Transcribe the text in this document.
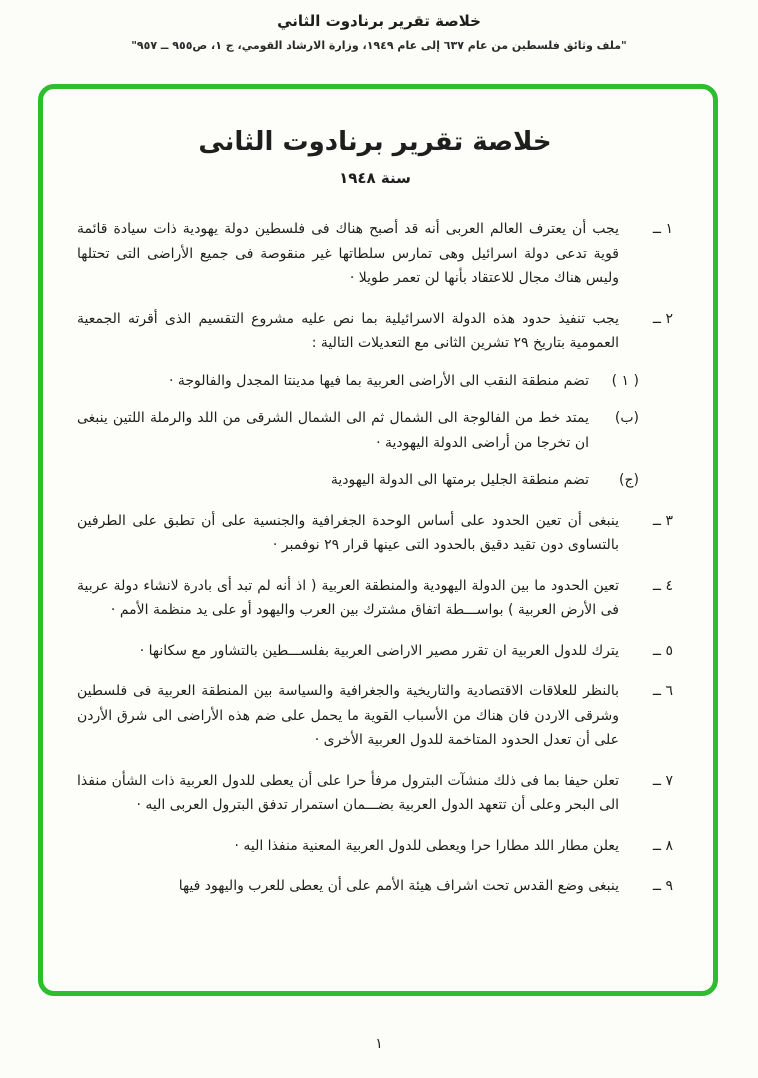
خلاصة تقرير برنادوت الثاني
"ملف وثائق فلسطين من عام ٦٣٧ إلى عام ١٩٤٩، وزارة الارشاد القومي، ج ١، ص٩٥٥ ــ ٩٥٧"
خلاصة تقرير برنادوت الثانى
سنة ١٩٤٨
١ ــ

يجب أن يعترف العالم العربى أنه قد أصبح هناك فى فلسطين دولة يهودية ذات سيادة قائمة قوية تدعى دولة اسرائيل وهى تمارس سلطاتها غير منقوصة فى جميع الأراضى التى تحتلها وليس هناك مجال للاعتقاد بأنها لن تعمر طويلا ·

٢ ــ

يجب تنفيذ حدود هذه الدولة الاسرائيلية بما نص عليه مشروع التقسيم الذى أقرته الجمعية العمومية بتاريخ ٢٩ تشرين الثانى مع التعديلات التالية :

( ١ )

تضم منطقة النقب الى الأراضى العربية بما فيها مدينتا المجدل والفالوجة ·

(ب)

يمتد خط من الفالوجة الى الشمال ثم الى الشمال الشرقى من اللد والرملة اللتين ينبغى ان تخرجا من أراضى الدولة اليهودية ·

(ج)

تضم منطقة الجليل برمتها الى الدولة اليهودية

٣ ــ

ينبغى أن تعين الحدود على أساس الوحدة الجغرافية والجنسية على أن تطبق على الطرفين بالتساوى دون تقيد دقيق بالحدود التى عينها قرار ٢٩ نوفمبر ·

٤ ــ

تعين الحدود ما بين الدولة اليهودية والمنطقة العربية ( اذ أنه لم تبد أى بادرة لانشاء دولة عربية فى الأرض العربية ) بواســـطة اتفاق مشترك بين العرب واليهود أو على يد منظمة الأمم ·

٥ ــ

يترك للدول العربية ان تقرر مصير الاراضى العربية بفلســـطين بالتشاور مع سكانها ·

٦ ــ

بالنظر للعلاقات الاقتصادية والتاريخية والجغرافية والسياسة بين المنطقة العربية فى فلسطين وشرقى الاردن فان هناك من الأسباب القوية ما يحمل على ضم هذه الأراضى الى شرق الأردن على أن تعدل الحدود المتاخمة للدول العربية الأخرى ·

٧ ــ

تعلن حيفا بما فى ذلك منشآت البترول مرفأ حرا على أن يعطى للدول العربية ذات الشأن منفذا الى البحر وعلى أن تتعهد الدول العربية بضـــمان استمرار تدفق البترول العربى اليه ·

٨ ــ

يعلن مطار اللد مطارا حرا ويعطى للدول العربية المعنية منفذا اليه ·

٩ ــ

ينبغى وضع القدس تحت اشراف هيئة الأمم على أن يعطى للعرب واليهود فيها

١
